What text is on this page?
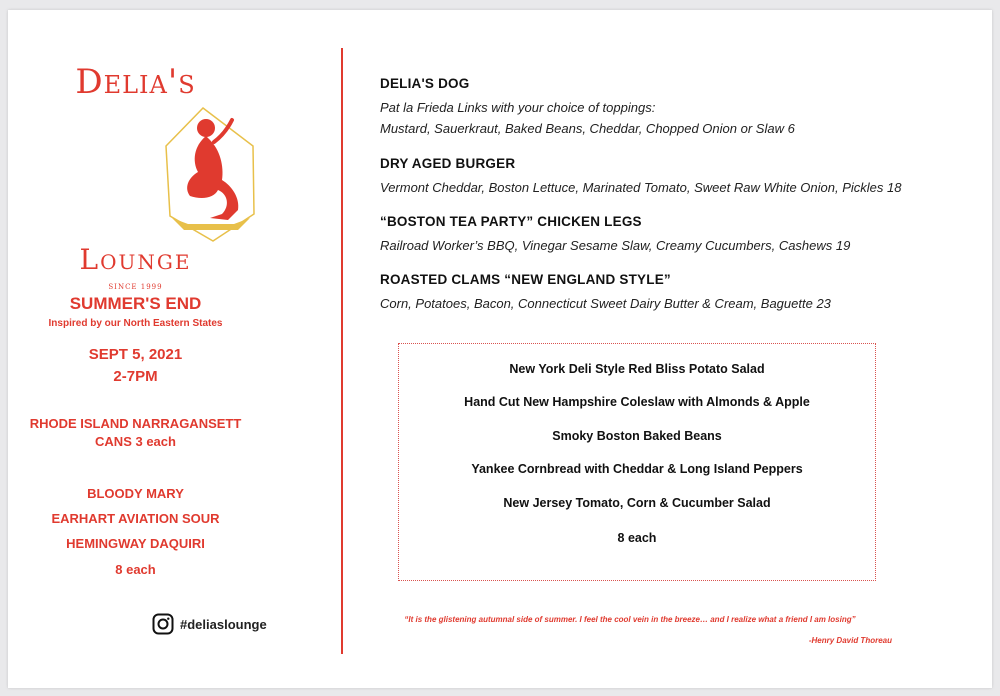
Delia's
Lounge
SINCE 1999
SUMMER'S END
Inspired by our North Eastern States
SEPT 5, 2021
2-7PM
RHODE ISLAND NARRAGANSETT
CANS 3 each
BLOODY MARY
EARHART AVIATION SOUR
HEMINGWAY DAQUIRI
8 each
#deliaslounge
DELIA'S DOG
Pat la Frieda Links with your choice of toppings:
Mustard, Sauerkraut, Baked Beans, Cheddar, Chopped Onion or Slaw 6
DRY AGED BURGER
Vermont Cheddar, Boston Lettuce, Marinated Tomato, Sweet Raw White Onion, Pickles 18
“BOSTON TEA PARTY” CHICKEN LEGS
Railroad Worker’s BBQ, Vinegar Sesame Slaw, Creamy Cucumbers, Cashews 19
ROASTED CLAMS “NEW ENGLAND STYLE”
Corn, Potatoes, Bacon, Connecticut Sweet Dairy Butter & Cream, Baguette 23
New York Deli Style Red Bliss Potato Salad
Hand Cut New Hampshire Coleslaw with Almonds & Apple
Smoky Boston Baked Beans
Yankee Cornbread with Cheddar & Long Island Peppers
New Jersey Tomato, Corn & Cucumber Salad
8 each
“It is the glistening autumnal side of summer. I feel the cool vein in the breeze… and I realize what a friend I am losing”
-Henry David Thoreau
